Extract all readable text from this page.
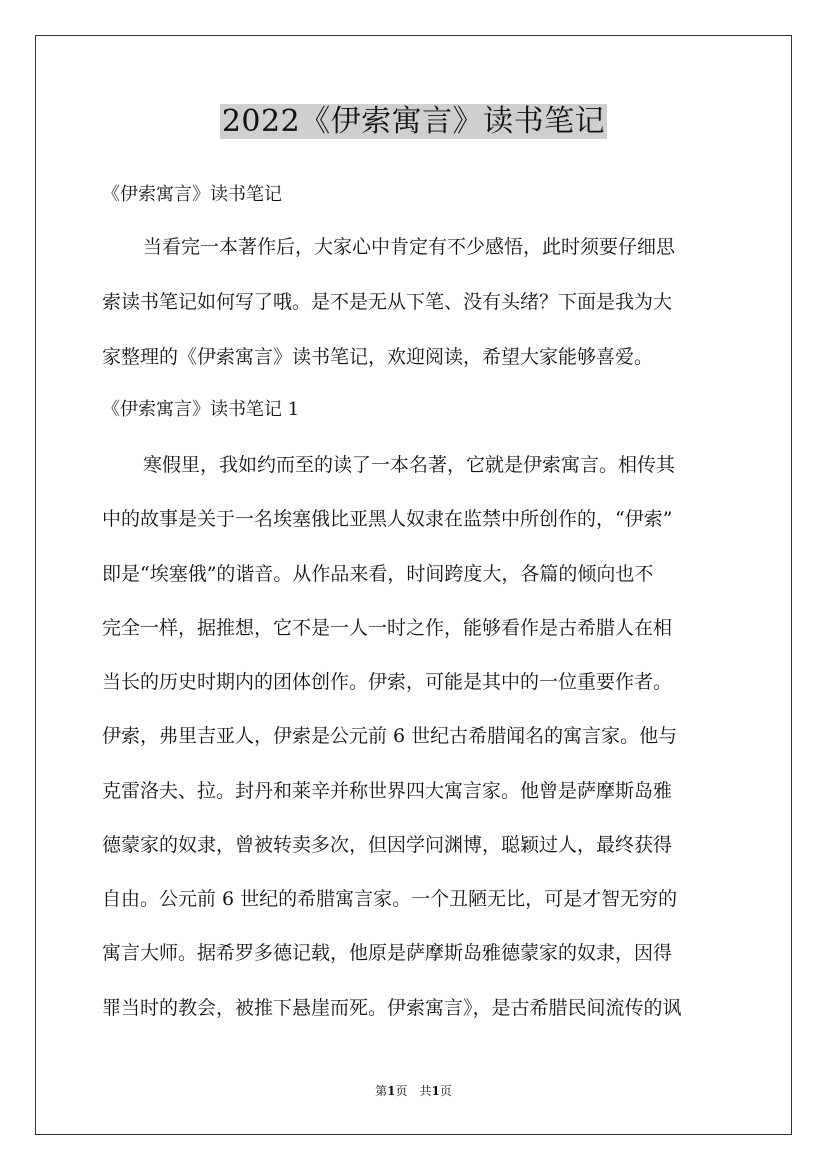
2022《伊索寓言》读书笔记
《伊索寓言》读书笔记
当看完一本著作后，大家心中肯定有不少感悟，此时须要仔细思
索读书笔记如何写了哦。是不是无从下笔、没有头绪？下面是我为大
家整理的《伊索寓言》读书笔记，欢迎阅读，希望大家能够喜爱。
《伊索寓言》读书笔记 1
寒假里，我如约而至的读了一本名著，它就是伊索寓言。相传其
中的故事是关于一名埃塞俄比亚黑人奴隶在监禁中所创作的，“伊索”
即是“埃塞俄”的谐音。从作品来看，时间跨度大，各篇的倾向也不
完全一样，据推想，它不是一人一时之作，能够看作是古希腊人在相
当长的历史时期内的团体创作。伊索，可能是其中的一位重要作者。
伊索，弗里吉亚人，伊索是公元前 6 世纪古希腊闻名的寓言家。他与
克雷洛夫、拉。封丹和莱辛并称世界四大寓言家。他曾是萨摩斯岛雅
德蒙家的奴隶，曾被转卖多次，但因学问渊博，聪颖过人，最终获得
自由。公元前 6 世纪的希腊寓言家。一个丑陋无比，可是才智无穷的
寓言大师。据希罗多德记载，他原是萨摩斯岛雅德蒙家的奴隶，因得
罪当时的教会，被推下悬崖而死。伊索寓言》，是古希腊民间流传的讽
第1页　共1页
